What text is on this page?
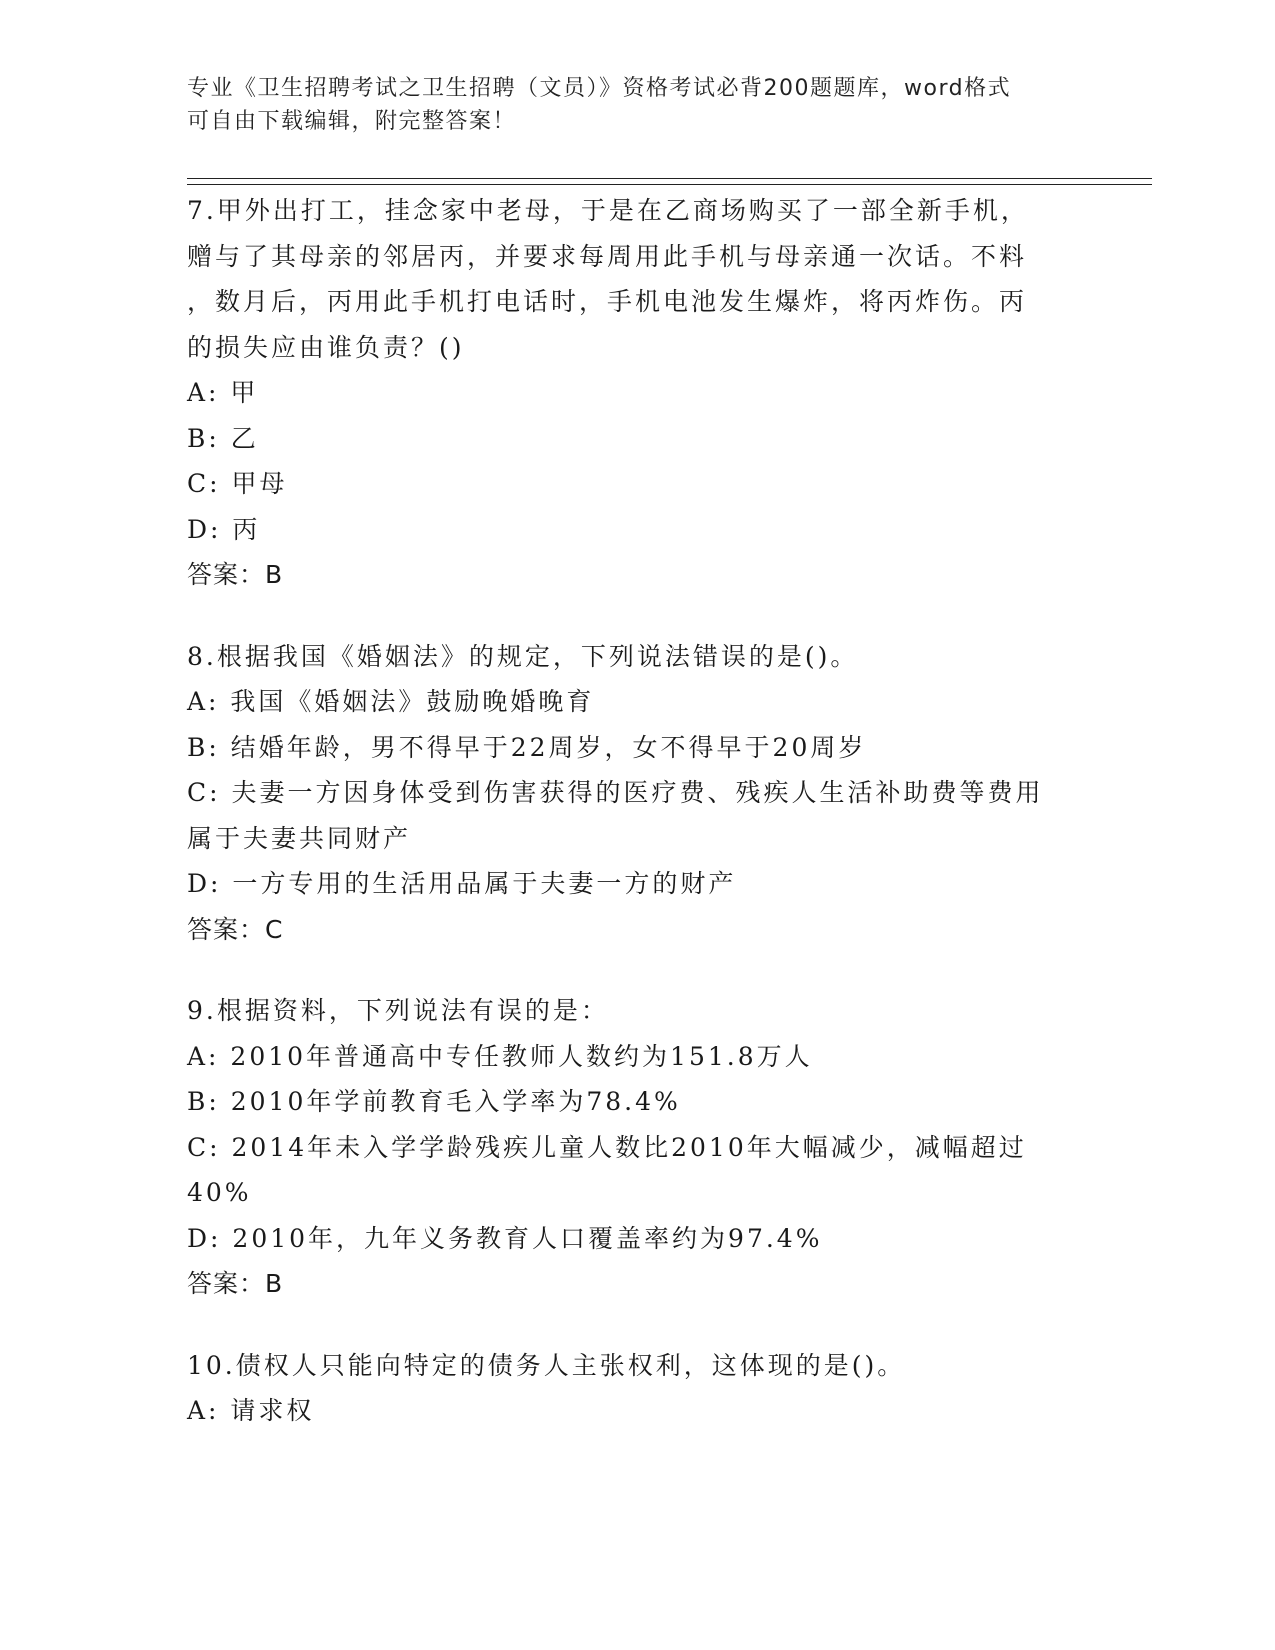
专业《卫生招聘考试之卫生招聘（文员）》资格考试必背200题题库，word格式
可自由下载编辑，附完整答案！
7.甲外出打工，挂念家中老母，于是在乙商场购买了一部全新手机，
赠与了其母亲的邻居丙，并要求每周用此手机与母亲通一次话。不料
，数月后，丙用此手机打电话时，手机电池发生爆炸，将丙炸伤。丙
的损失应由谁负责？()
A: 甲
B: 乙
C: 甲母
D: 丙
答案：B
8.根据我国《婚姻法》的规定，下列说法错误的是()。
A: 我国《婚姻法》鼓励晚婚晚育
B: 结婚年龄，男不得早于22周岁，女不得早于20周岁
C: 夫妻一方因身体受到伤害获得的医疗费、残疾人生活补助费等费用
属于夫妻共同财产
D: 一方专用的生活用品属于夫妻一方的财产
答案：C
9.根据资料，下列说法有误的是：
A: 2010年普通高中专任教师人数约为151.8万人
B: 2010年学前教育毛入学率为78.4%
C: 2014年未入学学龄残疾儿童人数比2010年大幅减少，减幅超过
40%
D: 2010年，九年义务教育人口覆盖率约为97.4%
答案：B
10.债权人只能向特定的债务人主张权利，这体现的是()。
A: 请求权
